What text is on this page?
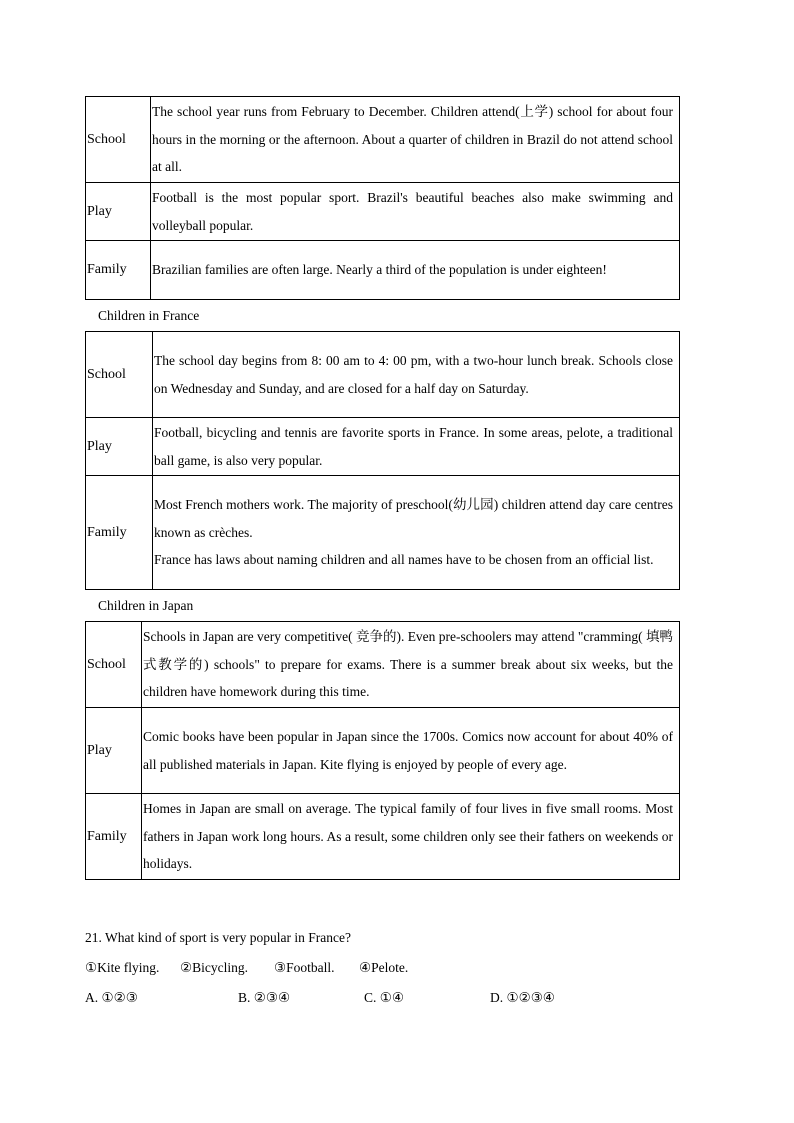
School	The school year runs from February to December. Children attend(上学) school for about four hours in the morning or the afternoon. About a quarter of children in Brazil do not attend school at all.

Play	Football is the most popular sport. Brazil's beautiful beaches also make swimming and volleyball popular.

Family	Brazilian families are often large. Nearly a third of the population is under eighteen!

Children in France
School	The school day begins from 8: 00 am to 4: 00 pm, with a two-hour lunch break. Schools close on Wednesday and Sunday, and are closed for a half day on Saturday.

Play	Football, bicycling and tennis are favorite sports in France. In some areas, pelote, a traditional ball game, is also very popular.

Family	Most French mothers work. The majority of preschool(幼儿园) children attend day care centres known as crèches.

France has laws about naming children and all names have to be chosen from an official list.

Children in Japan
School	Schools in Japan are very competitive( 竞争的). Even pre-schoolers may attend "cramming( 填鸭式教学的) schools" to prepare for exams. There is a summer break about six weeks, but the children have homework during this time.

Play	Comic books have been popular in Japan since the 1700s. Comics now account for about 40% of all published materials in Japan. Kite flying is enjoyed by people of every age.

Family	Homes in Japan are small on average. The typical family of four lives in five small rooms. Most fathers in Japan work long hours. As a result, some children only see their fathers on weekends or holidays.

21. What kind of sport is very popular in France?
①Kite flying. ②Bicycling. ③Football. ④Pelote.
A. ①②③	B. ②③④	C. ①④	D. ①②③④
